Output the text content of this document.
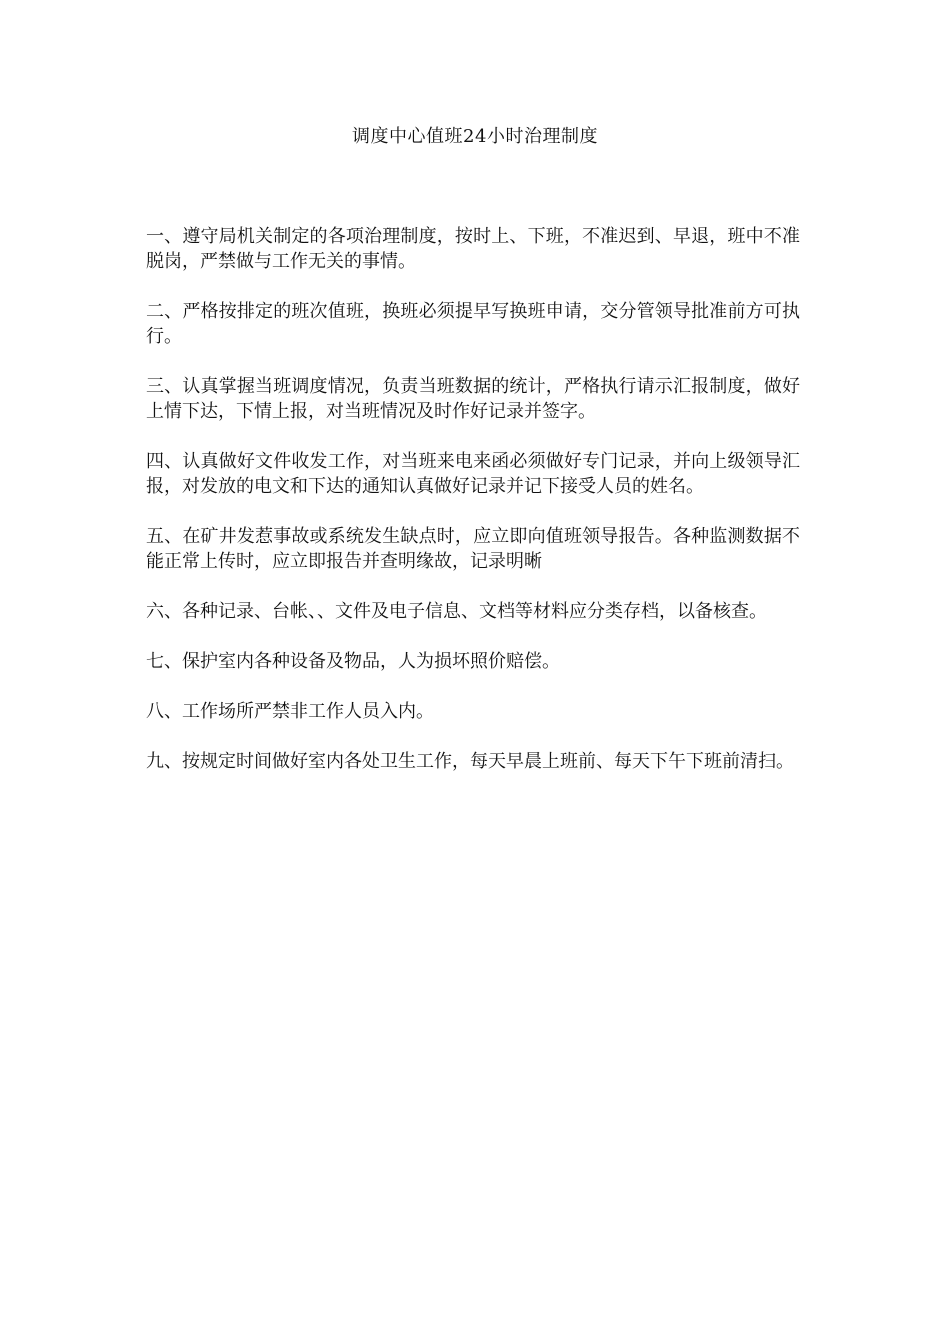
调度中心值班24小时治理制度

一、遵守局机关制定的各项治理制度，按时上、下班，不准迟到、早退，班中不准脱岗，严禁做与工作无关的事情。

二、严格按排定的班次值班，换班必须提早写换班申请，交分管领导批准前方可执行。

三、认真掌握当班调度情况，负责当班数据的统计，严格执行请示汇报制度，做好上情下达，下情上报，对当班情况及时作好记录并签字。

四、认真做好文件收发工作，对当班来电来函必须做好专门记录，并向上级领导汇报，对发放的电文和下达的通知认真做好记录并记下接受人员的姓名。

五、在矿井发惹事故或系统发生缺点时，应立即向值班领导报告。各种监测数据不能正常上传时，应立即报告并查明缘故，记录明晰

六、各种记录、台帐、、文件及电子信息、文档等材料应分类存档，以备核查。

七、保护室内各种设备及物品，人为损坏照价赔偿。

八、工作场所严禁非工作人员入内。

九、按规定时间做好室内各处卫生工作，每天早晨上班前、每天下午下班前清扫。
